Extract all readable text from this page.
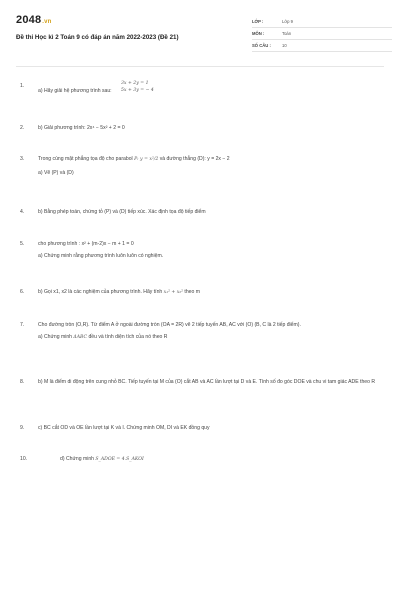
2048.vn
Đề thi Học kì 2 Toán 9 có đáp án năm 2022-2023 (Đề 21)
LỚP :	Lớp 9
MÔN :	Toán
SỐ CÂU :	10
1.
a) Hãy giải hệ phương trình sau:
3x + 2y = 1
5x + 3y = − 4
2.	b) Giải phương trình: 2x⁴ − 5x² + 2 = 0
3.	Trong cùng mặt phẳng tọa độ cho parabol P: y = x²/2 và đường thẳng (D): y = 2x − 2
a) Vẽ (P) và (D)
4.	b) Bằng phép toán, chứng tỏ (P) và (D) tiếp xúc. Xác định tọa độ tiếp điểm
5.	cho phương trình : x² + (m-2)x − m + 1 = 0
a) Chứng minh rằng phương trình luôn luôn có nghiệm.
6.	b) Gọi x1, x2 là các nghiệm của phương trình. Hãy tính x₁² + x₂² theo m
7.	Cho đường tròn (O,R). Từ điểm A ở ngoài đường tròn (OA = 2R) vẽ 2 tiếp tuyến AB, AC với (O) (B, C là 2 tiếp điểm).
a) Chứng minh ΔABC đều và tính diện tích của nó theo R
8.	b) M là điểm di động trên cung nhỏ BC. Tiếp tuyến tại M của (O) cắt AB và AC lần lượt tại D và E. Tính số đo góc DOE và chu vi tam giác ADE theo R
9.	c) BC cắt OD và OE lần lượt tại K và I. Chứng minh OM, DI và EK đồng quy
10.	d) Chứng minh S_ADOE = 4.S_AKOI
